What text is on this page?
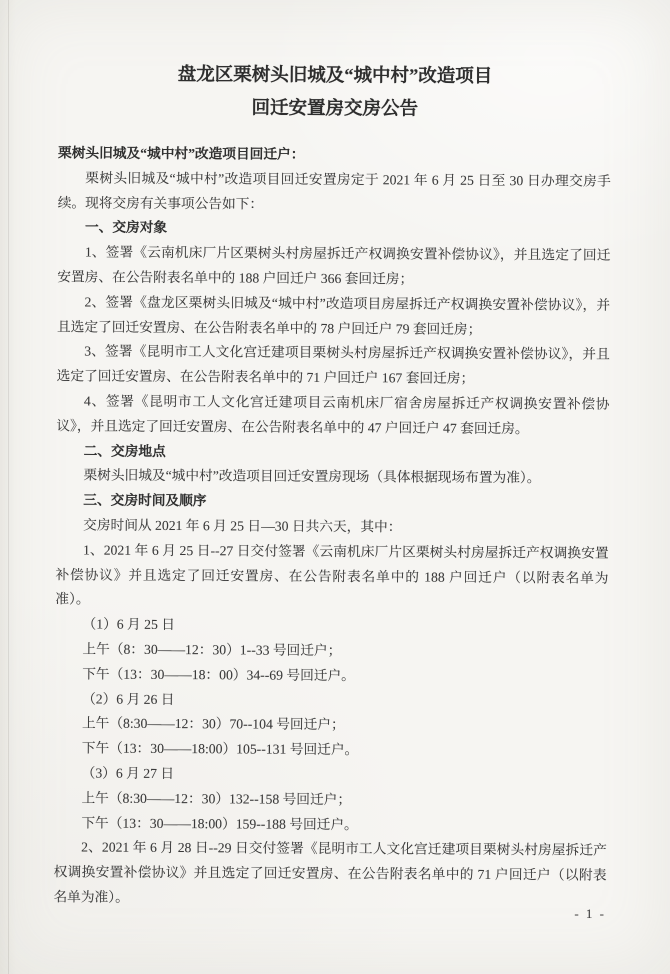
盘龙区栗树头旧城及“城中村”改造项目
回迁安置房交房公告

栗树头旧城及“城中村”改造项目回迁户：

栗树头旧城及“城中村”改造项目回迁安置房定于 2021 年 6 月 25 日至 30 日办理交房手续。现将交房有关事项公告如下：

一、交房对象

1、签署《云南机床厂片区栗树头村房屋拆迁产权调换安置补偿协议》，并且选定了回迁安置房、在公告附表名单中的 188 户回迁户 366 套回迁房；

2、签署《盘龙区栗树头旧城及“城中村”改造项目房屋拆迁产权调换安置补偿协议》，并且选定了回迁安置房、在公告附表名单中的 78 户回迁户 79 套回迁房；

3、签署《昆明市工人文化宫迁建项目栗树头村房屋拆迁产权调换安置补偿协议》，并且选定了回迁安置房、在公告附表名单中的 71 户回迁户 167 套回迁房；

4、签署《昆明市工人文化宫迁建项目云南机床厂宿舍房屋拆迁产权调换安置补偿协议》，并且选定了回迁安置房、在公告附表名单中的 47 户回迁户 47 套回迁房。

二、交房地点

栗树头旧城及“城中村”改造项目回迁安置房现场（具体根据现场布置为准）。

三、交房时间及顺序

交房时间从 2021 年 6 月 25 日—30 日共六天，其中：

1、2021 年 6 月 25 日--27 日交付签署《云南机床厂片区栗树头村房屋拆迁产权调换安置补偿协议》并且选定了回迁安置房、在公告附表名单中的 188 户回迁户（以附表名单为准）。

（1）6 月 25 日

上午（8：30——12：30）1--33 号回迁户；

下午（13：30——18：00）34--69 号回迁户。

（2）6 月 26 日

上午（8:30——12：30）70--104 号回迁户；

下午（13：30——18:00）105--131 号回迁户。

（3）6 月 27 日

上午（8:30——12：30）132--158 号回迁户；

下午（13：30——18:00）159--188 号回迁户。

2、2021 年 6 月 28 日--29 日交付签署《昆明市工人文化宫迁建项目栗树头村房屋拆迁产权调换安置补偿协议》并且选定了回迁安置房、在公告附表名单中的 71 户回迁户（以附表名单为准）。

- 1 -
